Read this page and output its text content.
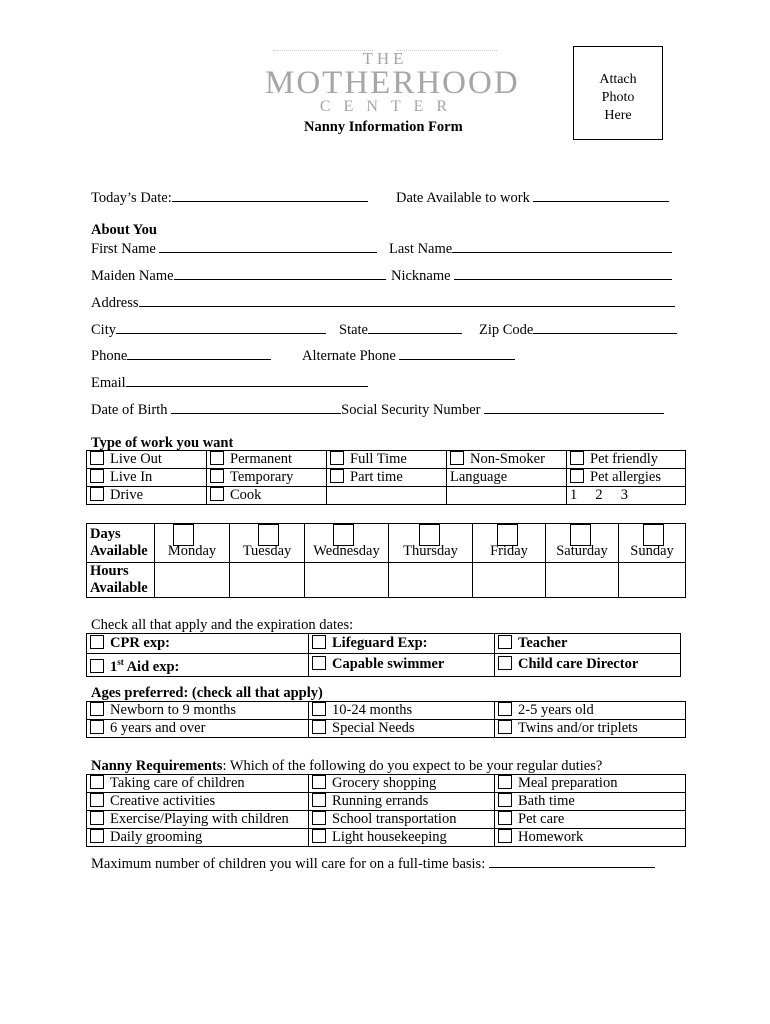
THE
MOTHERHOOD
CENTER
Attach
Photo
Here
Nanny Information Form
Today’s Date:	Date Available to work
About You
First Name	Last Name
Maiden Name	Nickname
Address
City	State	Zip Code
Phone	Alternate Phone
Email
Date of Birth	Social Security Number
Type of work you want
Live Out	Permanent	Full Time	Non-Smoker	Pet friendly
Live In	Temporary	Part time	Language	Pet allergies
Drive	Cook			1     2     3
Days
Available	Monday	Tuesday	Wednesday	Thursday	Friday	Saturday	Sunday

Hours
Available							

Check all that apply and the expiration dates:
CPR exp:	Lifeguard Exp:	Teacher
1st Aid exp:	Capable swimmer	Child care Director
Ages preferred: (check all that apply)
Newborn to 9 months	10-24 months	2-5 years old
6 years and over	Special Needs	Twins and/or triplets
Nanny Requirements: Which of the following do you expect to be your regular duties?
Taking care of children	Grocery shopping	Meal preparation
Creative activities	Running errands	Bath time
Exercise/Playing with children	School transportation	Pet care
Daily grooming	Light housekeeping	Homework
Maximum number of children you will care for on a full-time basis:
